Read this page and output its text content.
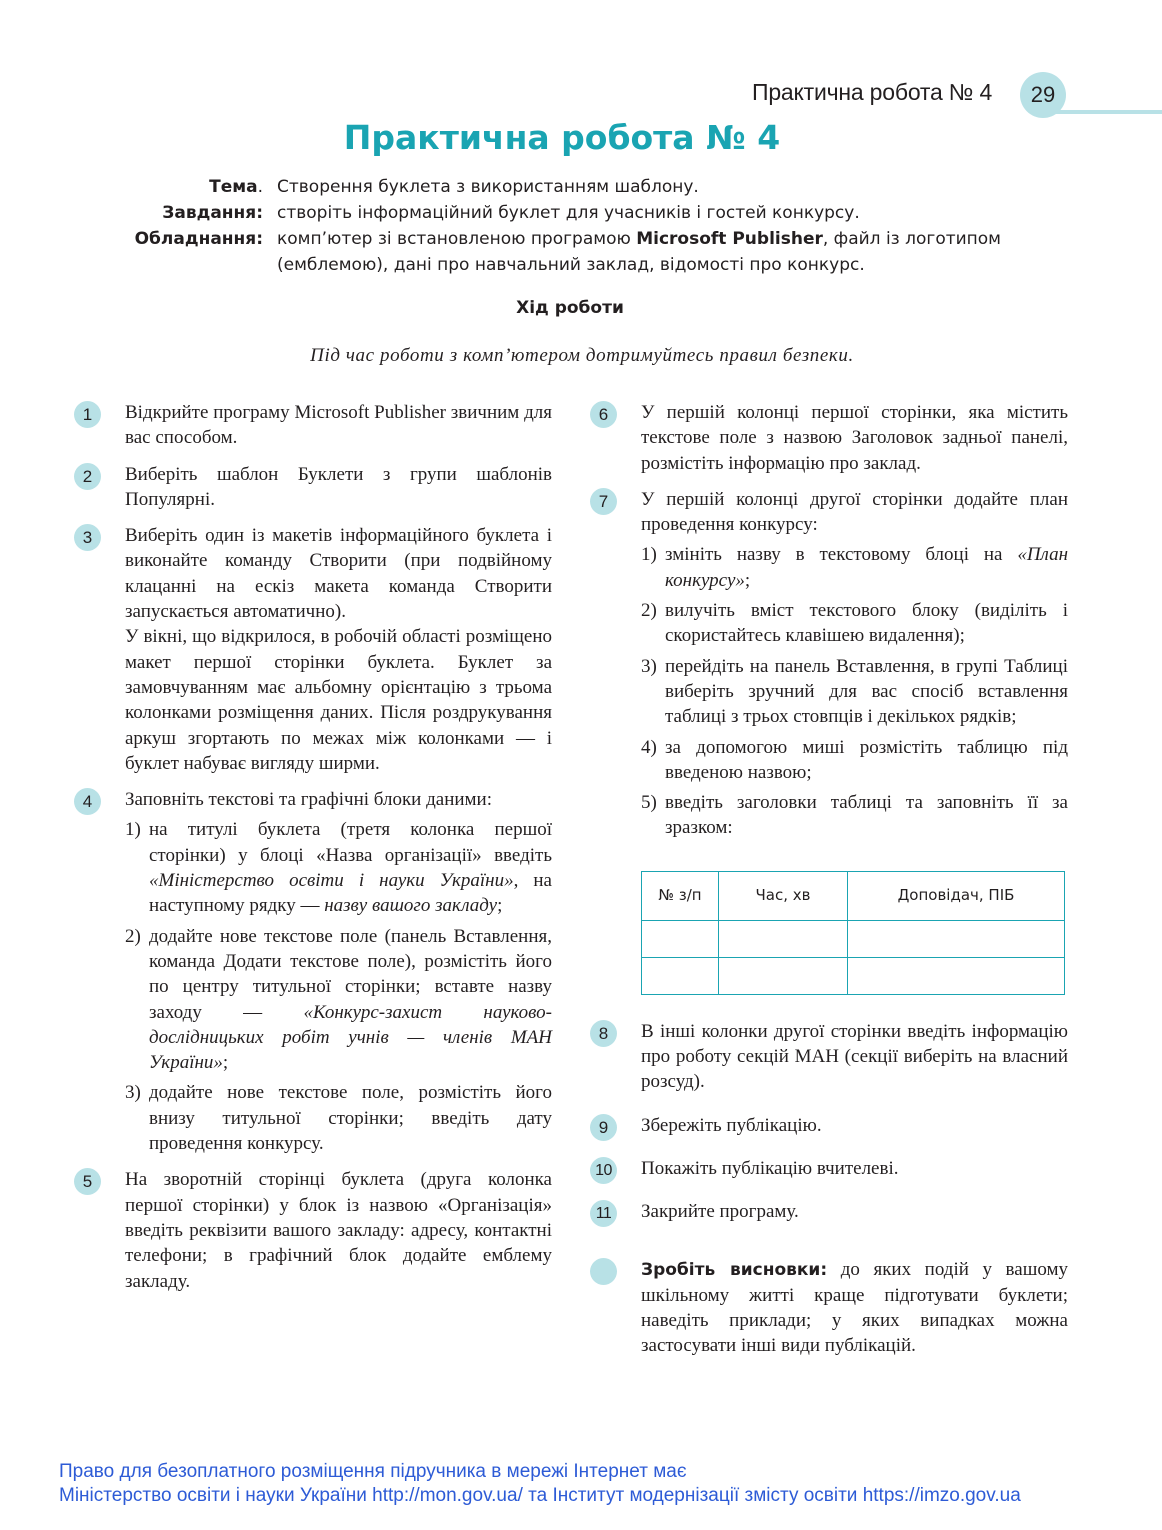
Практична робота № 4	29
Практична робота № 4
Тема. Створення буклета з використанням шаблону.
Завдання: створіть інформаційний буклет для учасників і гостей конкурсу.
Обладнання: комп’ютер зі встановленою програмою Microsoft Publisher, файл із логотипом (емблемою), дані про навчальний заклад, відомості про конкурс.
Хід роботи
Під час роботи з комп’ютером дотримуйтесь правил безпеки.
1	Відкрийте програму Microsoft Publisher звичним для вас способом.

2	Виберіть шаблон Буклети з групи шаблонів Популярні.

3	Виберіть один із макетів інформаційного буклета і виконайте команду Створити (при подвійному клацанні на ескіз макета команда Створити запускається автоматично).

У вікні, що відкрилося, в робочій області розміщено макет першої сторінки буклета. Буклет за замовчуванням має альбомну орієнтацію з трьома колонками розміщення даних. Після роздрукування аркуш згортають по межах між колонками — і буклет набуває вигляду ширми.

4	Заповніть текстові та графічні блоки даними:

1) на титулі буклета (третя колонка першої сторінки) у блоці «Назва організації» введіть «Міністерство освіти і науки України», на наступному рядку — назву вашого закладу;
2) додайте нове текстове поле (панель Вставлення, команда Додати текстове поле), розмістіть його по центру титульної сторінки; вставте назву заходу — «Конкурс-захист науково-дослідницьких робіт учнів — членів МАН України»;
3) додайте нове текстове поле, розмістіть його внизу титульної сторінки; введіть дату проведення конкурсу.
5	На зворотній сторінці буклета (друга колонка першої сторінки) у блок із назвою «Організація» введіть реквізити вашого закладу: адресу, контактні телефони; в графічний блок додайте емблему закладу.

6	У першій колонці першої сторінки, яка містить текстове поле з назвою Заголовок задньої панелі, розмістіть інформацію про заклад.

7	У першій колонці другої сторінки додайте план проведення конкурсу:

1) змініть назву в текстовому блоці на «План конкурсу»;
2) вилучіть вміст текстового блоку (виділіть і скористайтесь клавішею видалення);
3) перейдіть на панель Вставлення, в групі Таблиці виберіть зручний для вас спосіб вставлення таблиці з трьох стовпців і декількох рядків;
4) за допомогою миші розмістіть таблицю під введеною назвою;
5) введіть заголовки таблиці та заповніть її за зразком:
№ з/п	Час, хв	Доповідач, ПІБ

8	В інші колонки другої сторінки введіть інформацію про роботу секцій МАН (секції виберіть на власний розсуд).

9	Збережіть публікацію.

10 Покажіть публікацію вчителеві.

11	Закрийте програму.

Зробіть висновки: до яких подій у вашому шкільному житті краще підготувати буклети; наведіть приклади; у яких випадках можна застосувати інші види публікацій.

Право для безоплатного розміщення підручника в мережі Інтернет має
Міністерство освіти і науки України http://mon.gov.ua/ та Інститут модернізації змісту освіти https://imzo.gov.ua
